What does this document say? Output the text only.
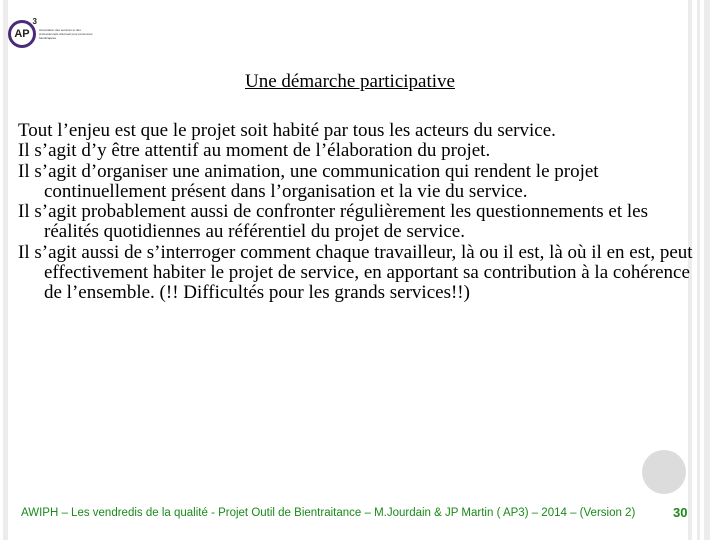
AP
3
Association des services et des professionnels d'accueil pour personnes handicapées
Une démarche participative

Tout l’enjeu est que le projet soit habité par tous les acteurs du service.

Il s’agit d’y être attentif au moment de l’élaboration du projet.

Il s’agit d’organiser une animation, une communication qui rendent le projet continuellement présent dans l’organisation et la vie du service.

Il s’agit probablement aussi de confronter régulièrement les questionnements et les réalités quotidiennes au référentiel du projet de service.

Il s’agit aussi de s’interroger comment chaque travailleur, là ou il est, là où il en est, peut effectivement habiter le projet de service, en apportant sa contribution à la cohérence de l’ensemble. (!! Difficultés pour les grands services!!)

AWIPH – Les vendredis de la qualité - Projet Outil de Bientraitance – M.Jourdain & JP Martin ( AP3) – 2014 – (Version 2)	30
